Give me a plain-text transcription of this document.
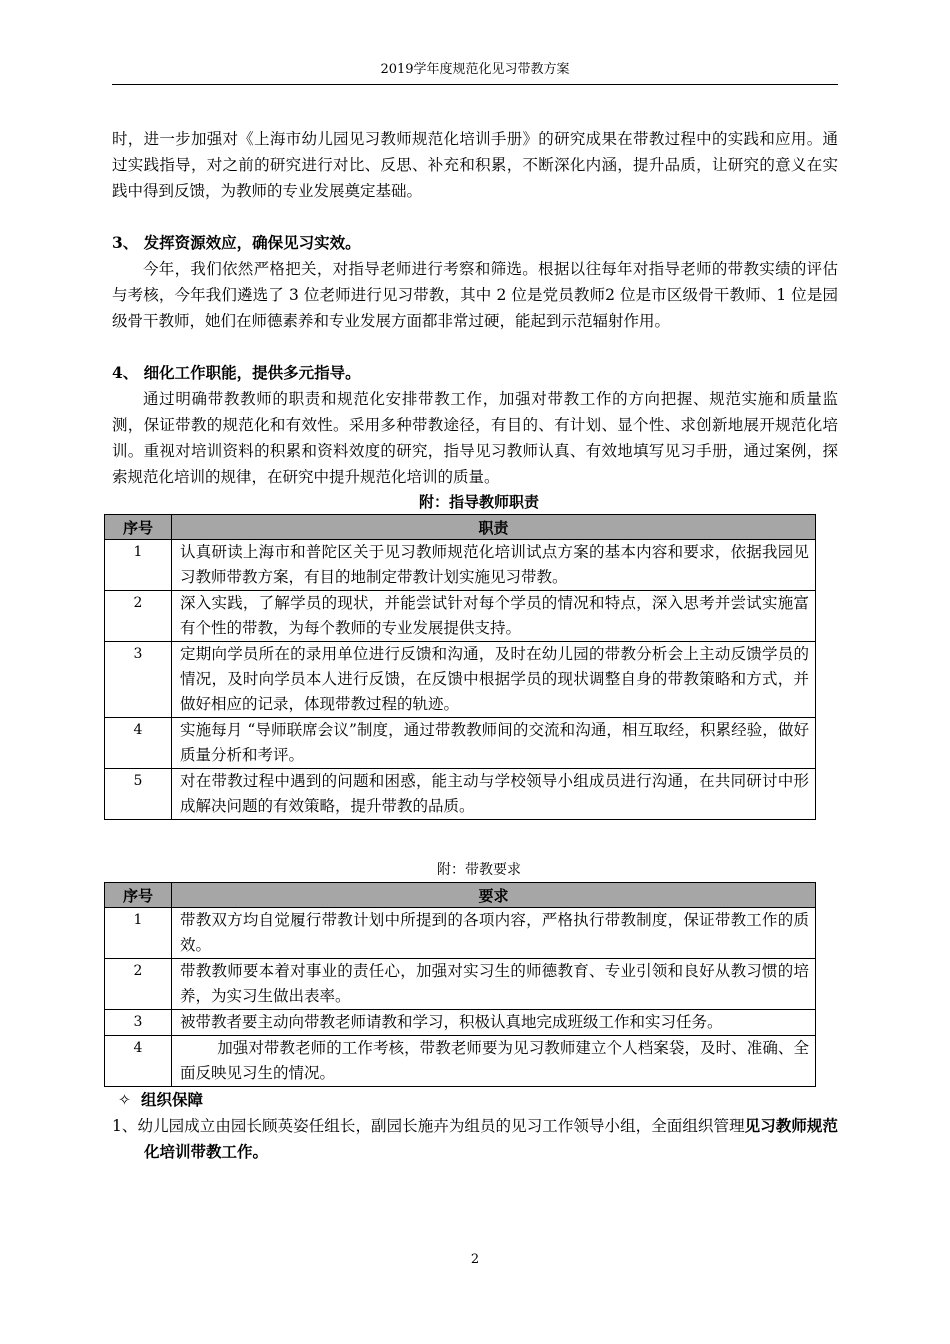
2019学年度规范化见习带教方案

时，进一步加强对《上海市幼儿园见习教师规范化培训手册》的研究成果在带教过程中的实践和应用。通过实践指导，对之前的研究进行对比、反思、补充和积累，不断深化内涵，提升品质，让研究的意义在实践中得到反馈，为教师的专业发展奠定基础。

3、 发挥资源效应，确保见习实效。

今年，我们依然严格把关，对指导老师进行考察和筛选。根据以往每年对指导老师的带教实绩的评估与考核，今年我们遴选了 3 位老师进行见习带教，其中 2 位是党员教师2 位是市区级骨干教师、1 位是园级骨干教师，她们在师德素养和专业发展方面都非常过硬，能起到示范辐射作用。

4、 细化工作职能，提供多元指导。

通过明确带教教师的职责和规范化安排带教工作，加强对带教工作的方向把握、规范实施和质量监测，保证带教的规范化和有效性。采用多种带教途径，有目的、有计划、显个性、求创新地展开规范化培训。重视对培训资料的积累和资料效度的研究，指导见习教师认真、有效地填写见习手册，通过案例，探索规范化培训的规律，在研究中提升规范化培训的质量。

附：指导教师职责
序号	职责
1	认真研读上海市和普陀区关于见习教师规范化培训试点方案的基本内容和要求，依据我园见习教师带教方案，有目的地制定带教计划实施见习带教。
2	深入实践，了解学员的现状，并能尝试针对每个学员的情况和特点，深入思考并尝试实施富有个性的带教，为每个教师的专业发展提供支持。
3	定期向学员所在的录用单位进行反馈和沟通，及时在幼儿园的带教分析会上主动反馈学员的情况，及时向学员本人进行反馈，在反馈中根据学员的现状调整自身的带教策略和方式，并做好相应的记录，体现带教过程的轨迹。
4	实施每月 “导师联席会议”制度，通过带教教师间的交流和沟通，相互取经，积累经验，做好质量分析和考评。
5	对在带教过程中遇到的问题和困惑，能主动与学校领导小组成员进行沟通，在共同研讨中形成解决问题的有效策略，提升带教的品质。
附：带教要求
序号	要求
1	带教双方均自觉履行带教计划中所提到的各项内容，严格执行带教制度，保证带教工作的质效。
2	带教教师要本着对事业的责任心，加强对实习生的师德教育、专业引领和良好从教习惯的培养，为实习生做出表率。
3	被带教者要主动向带教老师请教和学习，积极认真地完成班级工作和实习任务。
4	加强对带教老师的工作考核，带教老师要为见习教师建立个人档案袋，及时、准确、全面反映见习生的情况。
✧ 组织保障

1、幼儿园成立由园长顾英姿任组长，副园长施卉为组员的见习工作领导小组，全面组织管理见习教师规范化培训带教工作。

2
